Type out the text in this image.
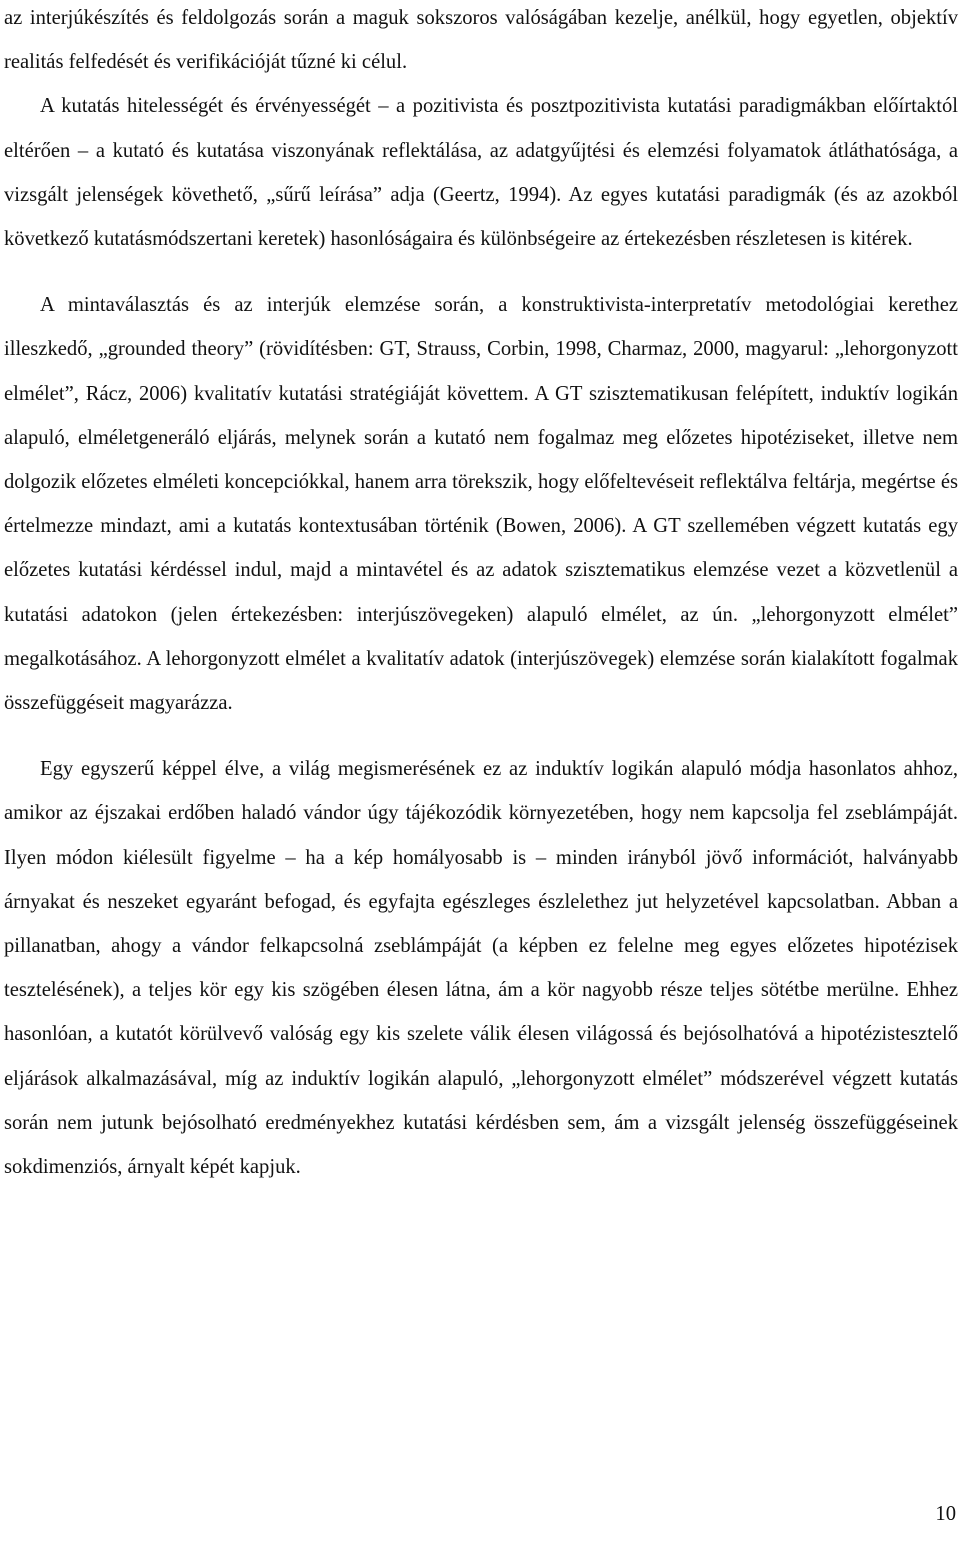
az interjúkészítés és feldolgozás során a maguk sokszoros valóságában kezelje, anélkül, hogy egyetlen, objektív realitás felfedését és verifikációját tűzné ki célul.

A kutatás hitelességét és érvényességét – a pozitivista és posztpozitivista kutatási paradigmákban előírtaktól eltérően – a kutató és kutatása viszonyának reflektálása, az adatgyűjtési és elemzési folyamatok átláthatósága, a vizsgált jelenségek követhető, „sűrű leírása” adja (Geertz, 1994). Az egyes kutatási paradigmák (és az azokból következő kutatásmódszertani keretek) hasonlóságaira és különbségeire az értekezésben részletesen is kitérek.

A mintaválasztás és az interjúk elemzése során, a konstruktivista-interpretatív metodológiai kerethez illeszkedő, „grounded theory” (rövidítésben: GT, Strauss, Corbin, 1998, Charmaz, 2000, magyarul: „lehorgonyzott elmélet”, Rácz, 2006) kvalitatív kutatási stratégiáját követtem. A GT szisztematikusan felépített, induktív logikán alapuló, elméletgeneráló eljárás, melynek során a kutató nem fogalmaz meg előzetes hipotéziseket, illetve nem dolgozik előzetes elméleti koncepciókkal, hanem arra törekszik, hogy előfeltevéseit reflektálva feltárja, megértse és értelmezze mindazt, ami a kutatás kontextusában történik (Bowen, 2006). A GT szellemében végzett kutatás egy előzetes kutatási kérdéssel indul, majd a mintavétel és az adatok szisztematikus elemzése vezet a közvetlenül a kutatási adatokon (jelen értekezésben: interjúszövegeken) alapuló elmélet, az ún. „lehorgonyzott elmélet” megalkotásához. A lehorgonyzott elmélet a kvalitatív adatok (interjúszövegek) elemzése során kialakított fogalmak összefüggéseit magyarázza.

Egy egyszerű képpel élve, a világ megismerésének ez az induktív logikán alapuló módja hasonlatos ahhoz, amikor az éjszakai erdőben haladó vándor úgy tájékozódik környezetében, hogy nem kapcsolja fel zseblámpáját. Ilyen módon kiélesült figyelme – ha a kép homályosabb is – minden irányból jövő információt, halványabb árnyakat és neszeket egyaránt befogad, és egyfajta egészleges észlelethez jut helyzetével kapcsolatban. Abban a pillanatban, ahogy a vándor felkapcsolná zseblámpáját (a képben ez felelne meg egyes előzetes hipotézisek tesztelésének), a teljes kör egy kis szögében élesen látna, ám a kör nagyobb része teljes sötétbe merülne. Ehhez hasonlóan, a kutatót körülvevő valóság egy kis szelete válik élesen világossá és bejósolhatóvá a hipotézistesztelő eljárások alkalmazásával, míg az induktív logikán alapuló, „lehorgonyzott elmélet” módszerével végzett kutatás során nem jutunk bejósolható eredményekhez kutatási kérdésben sem, ám a vizsgált jelenség összefüggéseinek sokdimenziós, árnyalt képét kapjuk.

10
